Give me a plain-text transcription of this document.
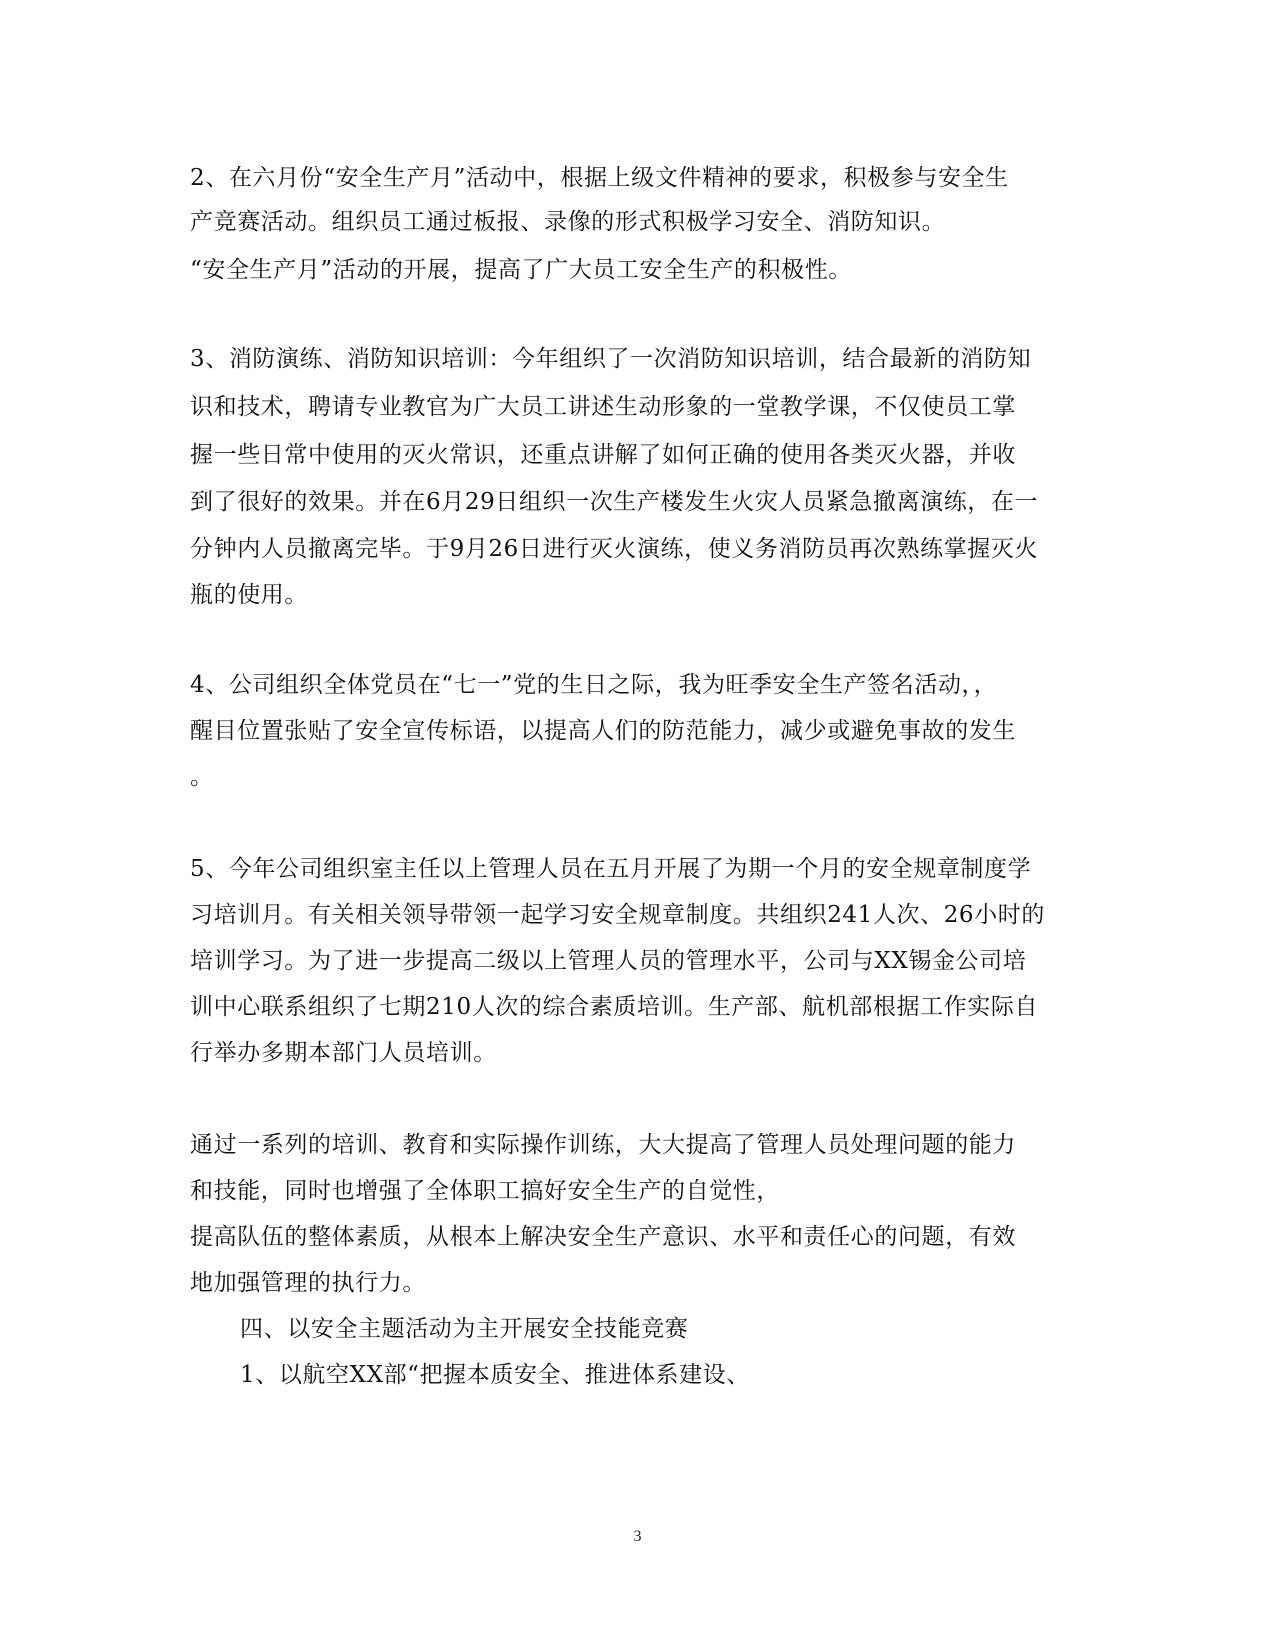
2、在六月份“安全生产月”活动中，根据上级文件精神的要求，积极参与安全生
产竞赛活动。组织员工通过板报、录像的形式积极学习安全、消防知识。
“安全生产月”活动的开展，提高了广大员工安全生产的积极性。
3、消防演练、消防知识培训：今年组织了一次消防知识培训，结合最新的消防知
识和技术，聘请专业教官为广大员工讲述生动形象的一堂教学课，不仅使员工掌
握一些日常中使用的灭火常识，还重点讲解了如何正确的使用各类灭火器，并收
到了很好的效果。并在6月29日组织一次生产楼发生火灾人员紧急撤离演练，在一
分钟内人员撤离完毕。于9月26日进行灭火演练，使义务消防员再次熟练掌握灭火
瓶的使用。
4、公司组织全体党员在“七一”党的生日之际，我为旺季安全生产签名活动，，
醒目位置张贴了安全宣传标语，以提高人们的防范能力，减少或避免事故的发生
。
5、今年公司组织室主任以上管理人员在五月开展了为期一个月的安全规章制度学
习培训月。有关相关领导带领一起学习安全规章制度。共组织241人次、26小时的
培训学习。为了进一步提高二级以上管理人员的管理水平，公司与XX锡金公司培
训中心联系组织了七期210人次的综合素质培训。生产部、航机部根据工作实际自
行举办多期本部门人员培训。
通过一系列的培训、教育和实际操作训练，大大提高了管理人员处理问题的能力
和技能，同时也增强了全体职工搞好安全生产的自觉性，
提高队伍的整体素质，从根本上解决安全生产意识、水平和责任心的问题，有效
地加强管理的执行力。
四、以安全主题活动为主开展安全技能竞赛
1、以航空XX部“把握本质安全、推进体系建设、
3
